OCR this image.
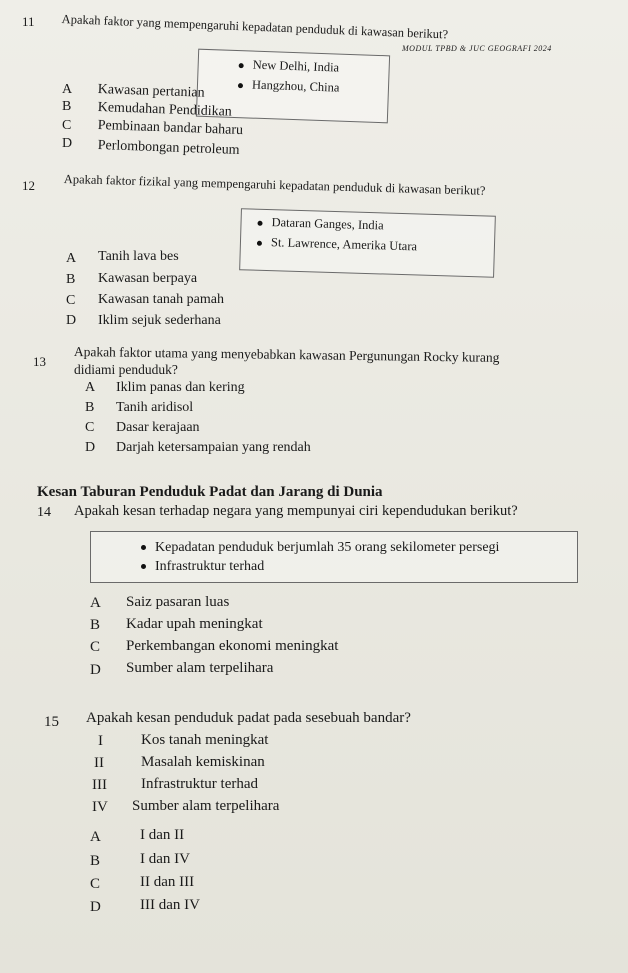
MODUL TPBD & JUC GEOGRAFI 2024
11 Apakah faktor yang mempengaruhi kepadatan penduduk di kawasan berikut?
New Delhi, India
Hangzhou, China
A Kawasan pertanian
B Kemudahan Pendidikan
C Pembinaan bandar baharu
D Perlombongan petroleum
12 Apakah faktor fizikal yang mempengaruhi kepadatan penduduk di kawasan berikut?
Dataran Ganges, India
St. Lawrence, Amerika Utara
A Tanih lava bes
B Kawasan berpaya
C Kawasan tanah pamah
D Iklim sejuk sederhana
13 Apakah faktor utama yang menyebabkan kawasan Pergunungan Rocky kurang
didiami penduduk?
A Iklim panas dan kering
B Tanih aridisol
C Dasar kerajaan
D Darjah ketersampaian yang rendah
Kesan Taburan Penduduk Padat dan Jarang di Dunia
14 Apakah kesan terhadap negara yang mempunyai ciri kependudukan berikut?
Kepadatan penduduk berjumlah 35 orang sekilometer persegi
Infrastruktur terhad
A Saiz pasaran luas
B Kadar upah meningkat
C Perkembangan ekonomi meningkat
D Sumber alam terpelihara
15 Apakah kesan penduduk padat pada sesebuah bandar?
I	Kos tanah meningkat
II Masalah kemiskinan
III Infrastruktur terhad
IV Sumber alam terpelihara
A	I dan II
B	I dan IV
C	II dan III
D	III dan IV
